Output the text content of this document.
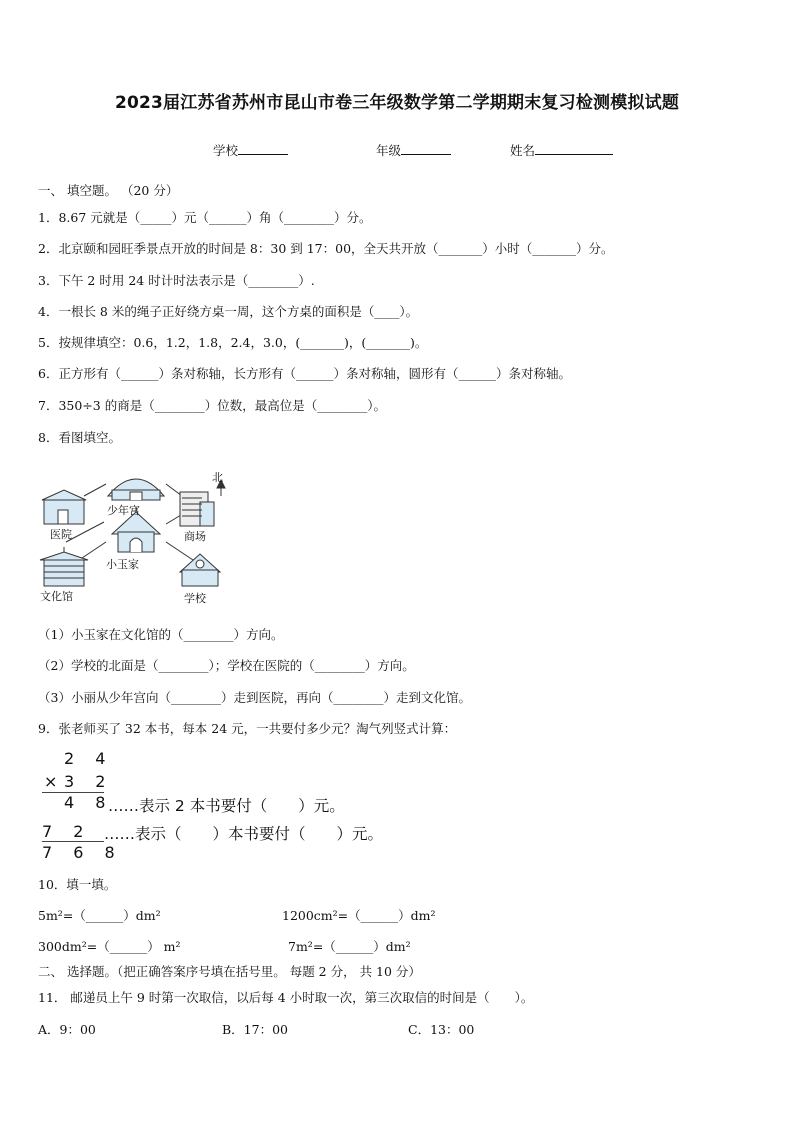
2023届江苏省苏州市昆山市卷三年级数学第二学期期末复习检测模拟试题
学校	年级	姓名
一、 填空题。 （20 分）
1．8.67 元就是（_____）元（______）角（________）分。
2．北京颐和园旺季景点开放的时间是 8：30 到 17：00，全天共开放（_______）小时（_______）分。
3．下午 2 时用 24 时计时法表示是（________）.
4．一根长 8 米的绳子正好绕方桌一周，这个方桌的面积是（____）。
5．按规律填空：0.6，1.2，1.8，2.4，3.0，(_______)，(_______)。
6．正方形有（______）条对称轴，长方形有（______）条对称轴，圆形有（______）条对称轴。
7．350÷3 的商是（________）位数，最高位是（________）。
8．看图填空。
北
少年宫
医院	商场
小玉家
文化馆	学校
（1）小玉家在文化馆的（________）方向。
（2）学校的北面是（________）；学校在医院的（________）方向。
（3）小丽从少年宫向（________）走到医院，再向（________）走到文化馆。
9．张老师买了 32 本书，每本 24 元，一共要付多少元？淘气列竖式计算：
2 4
× 3 2
4 8
……表示 2 本书要付（　　）元。
7 2 ……表示（　　）本书要付（　　）元。
7 6 8
10．填一填。
5m²=（______）dm²	1200cm²=（______）dm²
300dm²=（______） m²	7m²=（______）dm²
二、 选择题。（把正确答案序号填在括号里。 每题 2 分， 共 10 分）
11． 邮递员上午 9 时第一次取信，以后每 4 小时取一次，第三次取信的时间是（　　）。
A．9：00	B．17：00	C．13：00
